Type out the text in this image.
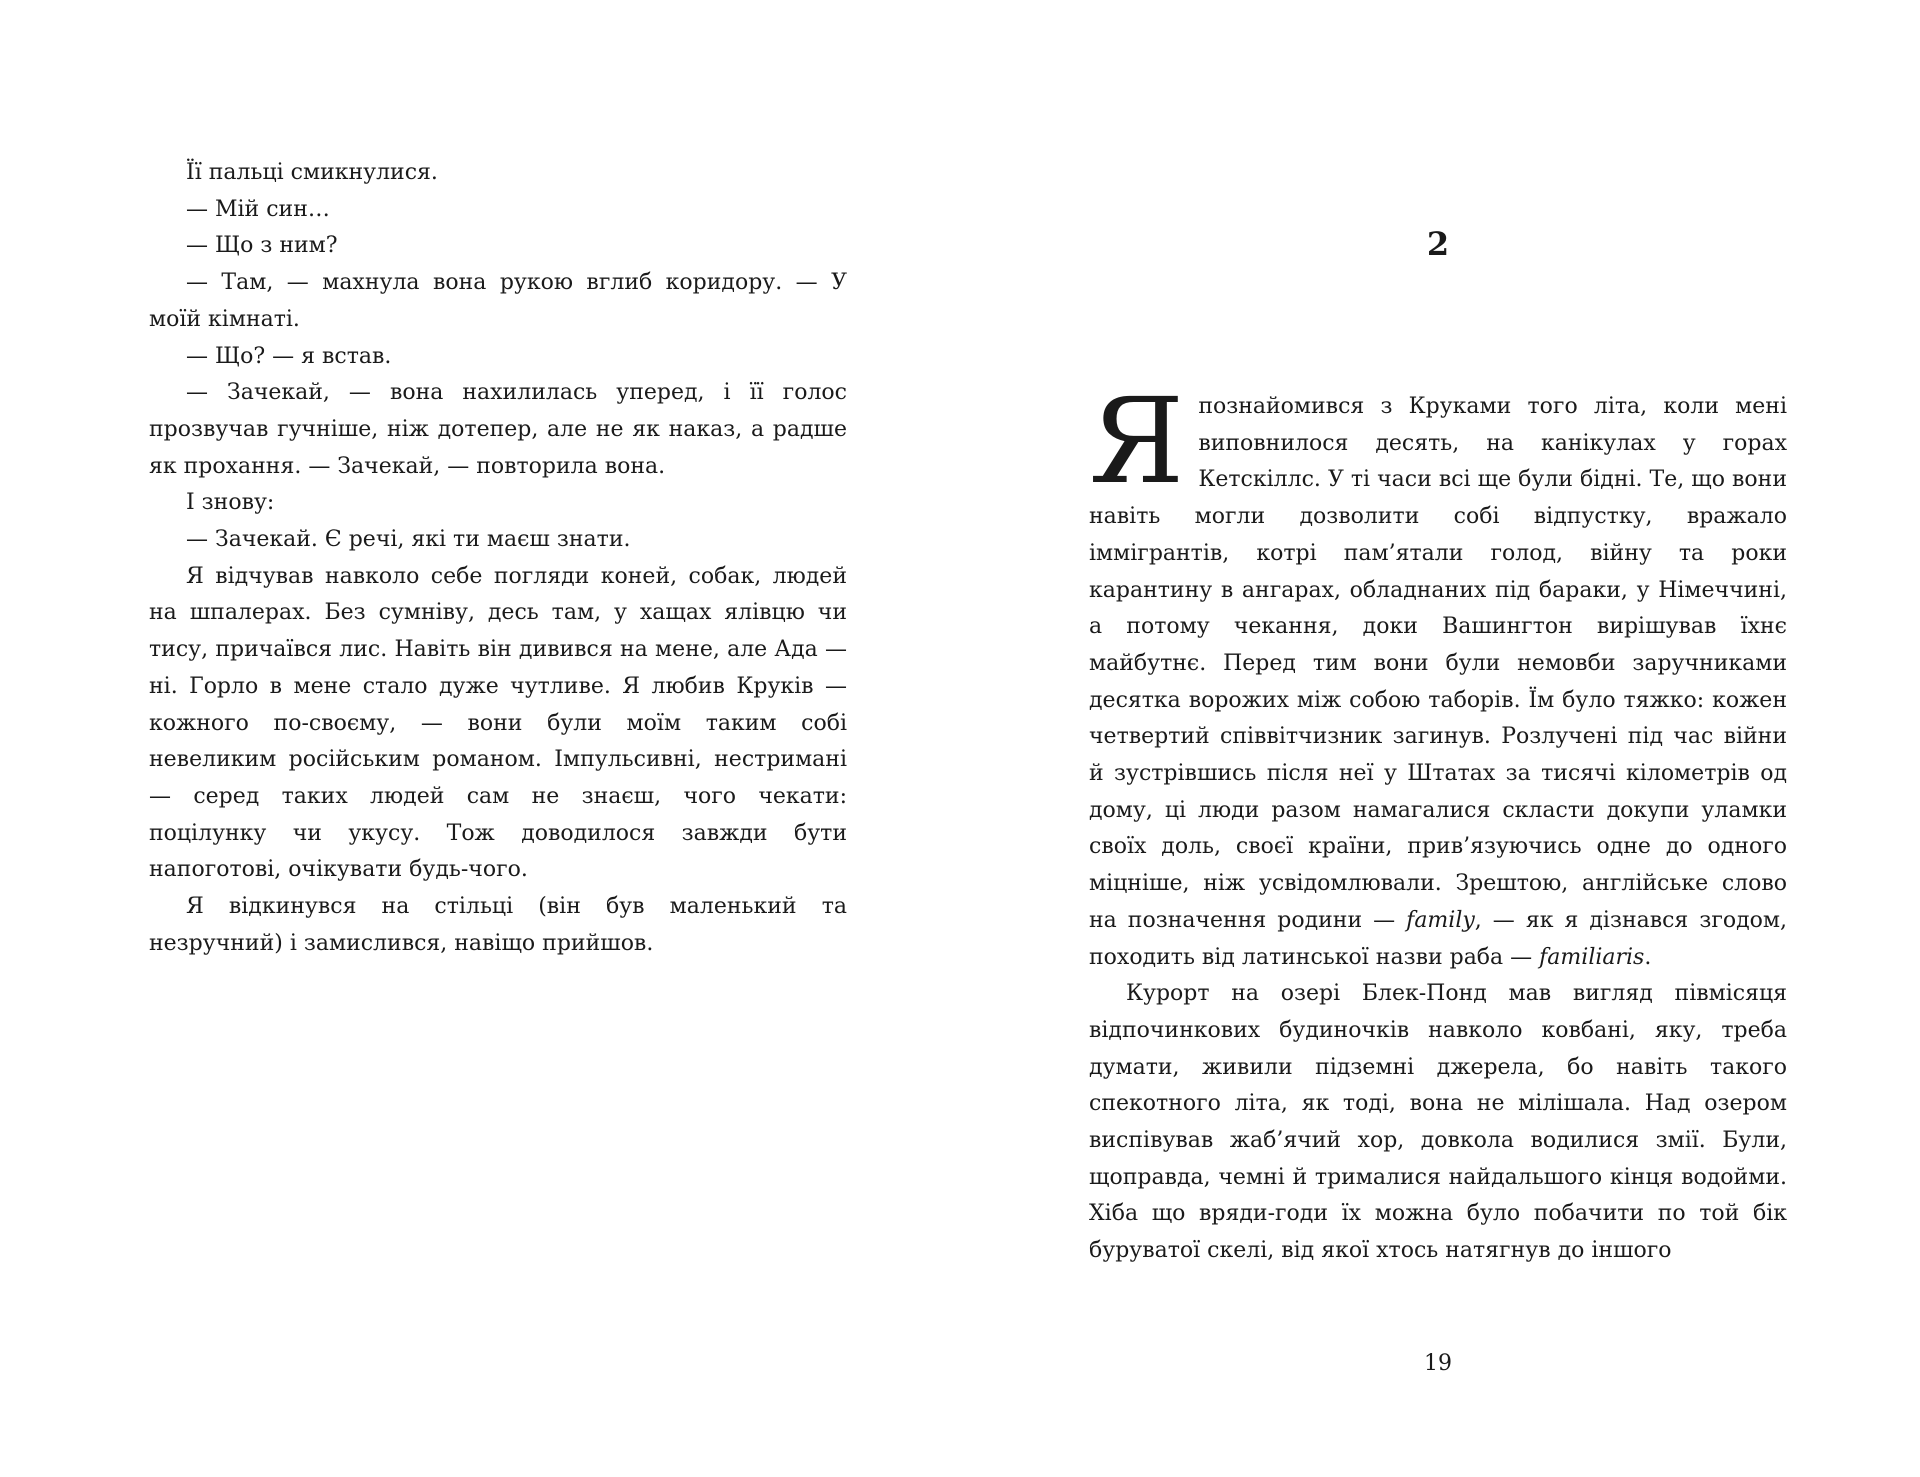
Її пальці смикнулися.

— Мій син…

— Що з ним?

— Там, — махнула вона рукою вглиб коридору. — У моїй кімнаті.

— Що? — я встав.

— Зачекай, — вона нахилилась уперед, і її голос прозвучав гучніше, ніж дотепер, але не як наказ, а радше як прохання. — Зачекай, — повторила вона.

І знову:

— Зачекай. Є речі, які ти маєш знати.

Я відчував навколо себе погляди коней, собак, людей на шпалерах. Без сумніву, десь там, у хащах ялівцю чи тису, причаївся лис. Навіть він дивився на мене, але Ада — ні. Горло в мене стало дуже чутливе. Я любив Круків — кожного по-своєму, — вони були моїм таким собі невеликим російським романом. Імпульсивні, нестримані — серед таких людей сам не знаєш, чого чекати: поцілунку чи укусу. Тож доводилося завжди бути напоготові, очікувати будь-чого.

Я відкинувся на стільці (він був маленький та незручний) і замислився, навіщо прийшов.

2

Япознайомився з Круками того літа, коли мені виповнилося десять, на канікулах у горах Кетскіллс. У ті часи всі ще були бідні. Те, що вони навіть могли дозволити собі відпустку, вражало іммігрантів, котрі пам’ятали голод, війну та роки карантину в ангарах, обладнаних під бараки, у Німеччині, а потому чекання, доки Вашингтон вирішував їхнє майбутнє. Перед тим вони були немовби заручниками десятка ворожих між собою таборів. Їм було тяжко: кожен четвертий співвітчизник загинув. Розлучені під час війни й зустрівшись після неї у Штатах за тисячі кілометрів од дому, ці люди разом намагалися скласти докупи уламки своїх доль, своєї країни, прив’язуючись одне до одного міцніше, ніж усвідомлювали. Зрештою, англійське слово на позначення родини — family, — як я дізнався згодом, походить від латинської назви раба — familiaris.

Курорт на озері Блек-Понд мав вигляд півмісяця відпочинкових будиночків навколо ковбані, яку, треба думати, живили підземні джерела, бо навіть такого спекотного літа, як тоді, вона не мілішала. Над озером виспівував жаб’ячий хор, довкола водилися змії. Були, щоправда, чемні й трималися найдальшого кінця водойми. Хіба що вряди-годи їх можна було побачити по той бік буруватої скелі, від якої хтось натягнув до іншого

19
